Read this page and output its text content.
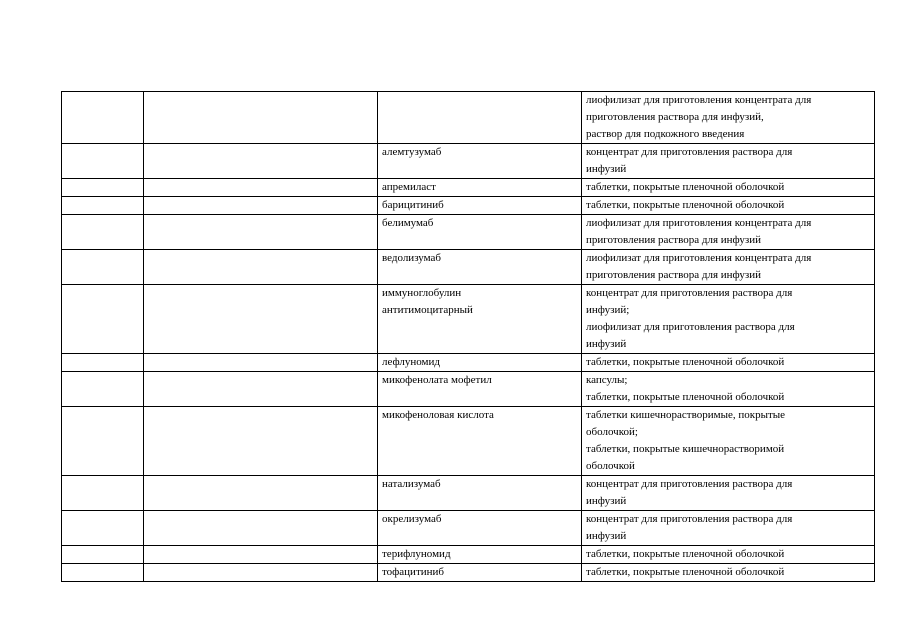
			лиофилизат для приготовления концентрата для
приготовления раствора для инфузий,
раствор для подкожного введения
		алемтузумаб	концентрат для приготовления раствора для
инфузий
		апремиласт	таблетки, покрытые пленочной оболочкой
		барицитиниб	таблетки, покрытые пленочной оболочкой
		белимумаб	лиофилизат для приготовления концентрата для
приготовления раствора для инфузий
		ведолизумаб	лиофилизат для приготовления концентрата для
приготовления раствора для инфузий
		иммуноглобулин
антитимоцитарный	концентрат для приготовления раствора для
инфузий;
лиофилизат для приготовления раствора для
инфузий
		лефлуномид	таблетки, покрытые пленочной оболочкой
		микофенолата мофетил	капсулы;
таблетки, покрытые пленочной оболочкой
		микофеноловая кислота	таблетки кишечнорастворимые, покрытые
оболочкой;
таблетки, покрытые кишечнорастворимой
оболочкой
		натализумаб	концентрат для приготовления раствора для
инфузий
		окрелизумаб	концентрат для приготовления раствора для
инфузий
		терифлуномид	таблетки, покрытые пленочной оболочкой
		тофацитиниб	таблетки, покрытые пленочной оболочкой
